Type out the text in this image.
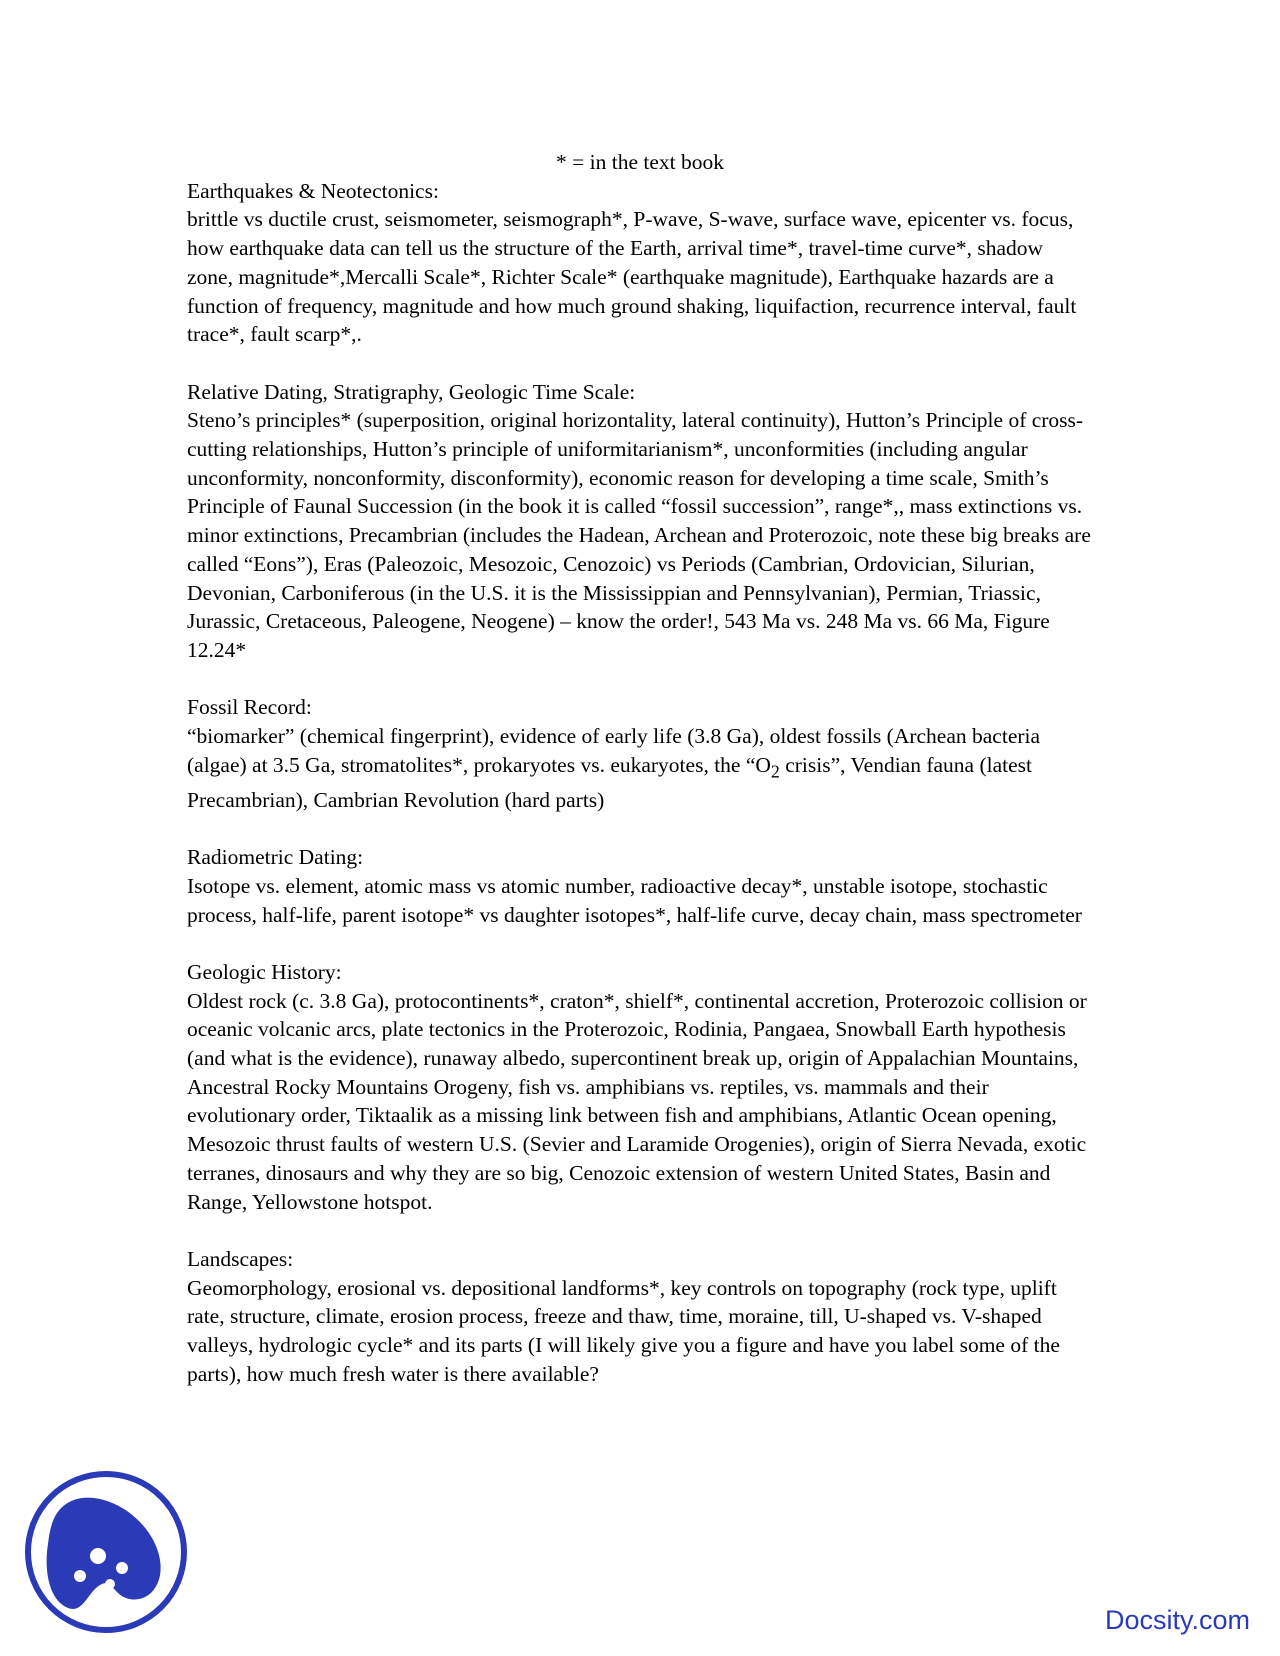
* = in the text book

Earthquakes & Neotectonics:

brittle vs ductile crust, seismometer, seismograph*, P-wave, S-wave, surface wave, epicenter vs. focus, how earthquake data can tell us the structure of the Earth, arrival time*, travel-time curve*, shadow zone, magnitude*,Mercalli Scale*, Richter Scale* (earthquake magnitude), Earthquake hazards are a function of frequency, magnitude and how much ground shaking, liquifaction, recurrence interval, fault trace*, fault scarp*,.

Relative Dating, Stratigraphy, Geologic Time Scale:

Steno’s principles* (superposition, original horizontality, lateral continuity), Hutton’s Principle of cross-cutting relationships, Hutton’s principle of uniformitarianism*, unconformities (including angular unconformity, nonconformity, disconformity), economic reason for developing a time scale, Smith’s Principle of Faunal Succession (in the book it is called “fossil succession”, range*,, mass extinctions vs. minor extinctions, Precambrian (includes the Hadean, Archean and Proterozoic, note these big breaks are called “Eons”), Eras (Paleozoic, Mesozoic, Cenozoic) vs Periods (Cambrian, Ordovician, Silurian, Devonian, Carboniferous (in the U.S. it is the Mississippian and Pennsylvanian), Permian, Triassic, Jurassic, Cretaceous, Paleogene, Neogene) – know the order!, 543 Ma vs. 248 Ma vs. 66 Ma, Figure 12.24*

Fossil Record:

“biomarker” (chemical fingerprint), evidence of early life (3.8 Ga), oldest fossils (Archean bacteria (algae) at 3.5 Ga, stromatolites*, prokaryotes vs. eukaryotes, the “$O_2$ crisis”, Vendian fauna (latest Precambrian), Cambrian Revolution (hard parts)

Radiometric Dating:

Isotope vs. element, atomic mass vs atomic number, radioactive decay*, unstable isotope, stochastic process, half-life, parent isotope* vs daughter isotopes*, half-life curve, decay chain, mass spectrometer

Geologic History:

Oldest rock (c. 3.8 Ga), protocontinents*, craton*, shielf*, continental accretion, Proterozoic collision or oceanic volcanic arcs, plate tectonics in the Proterozoic, Rodinia, Pangaea, Snowball Earth hypothesis (and what is the evidence), runaway albedo, supercontinent break up, origin of Appalachian Mountains, Ancestral Rocky Mountains Orogeny, fish vs. amphibians vs. reptiles, vs. mammals and their evolutionary order, Tiktaalik as a missing link between fish and amphibians, Atlantic Ocean opening, Mesozoic thrust faults of western U.S. (Sevier and Laramide Orogenies), origin of Sierra Nevada, exotic terranes, dinosaurs and why they are so big, Cenozoic extension of western United States, Basin and Range, Yellowstone hotspot.

Landscapes:

Geomorphology, erosional vs. depositional landforms*, key controls on topography (rock type, uplift rate, structure, climate, erosion process, freeze and thaw, time, moraine, till, U-shaped vs. V-shaped valleys, hydrologic cycle* and its parts (I will likely give you a figure and have you label some of the parts), how much fresh water is there available?

Docsity.com
